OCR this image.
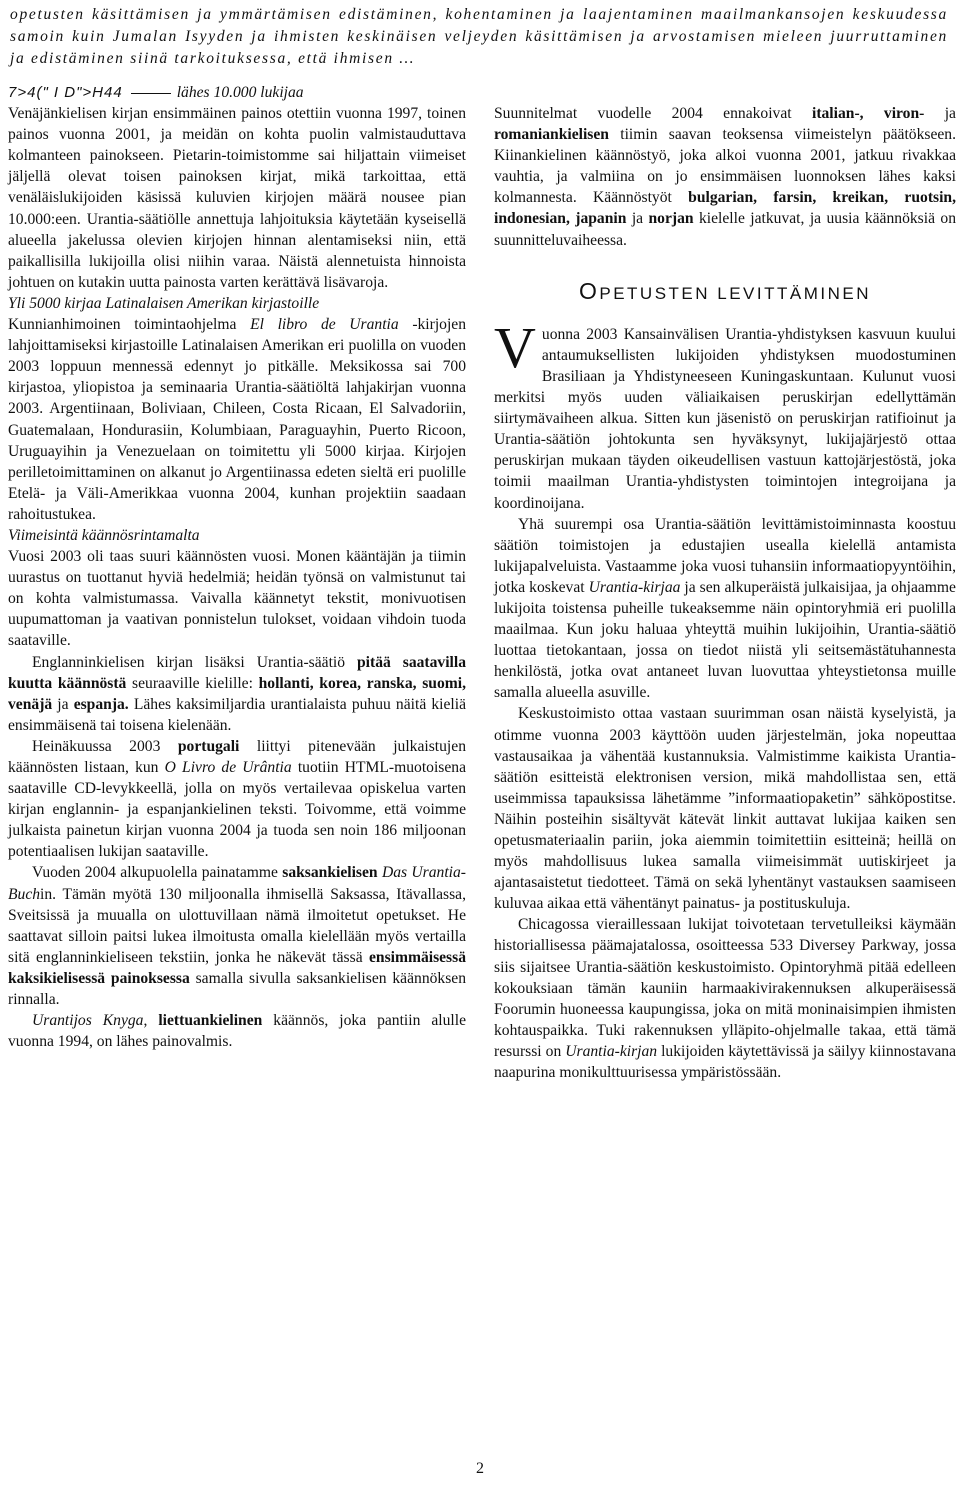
opetusten käsittämisen ja ymmärtämisen edistäminen, kohentaminen ja laajentaminen maailmankansojen keskuudessa samoin kuin Jumalan Isyyden ja ihmisten keskinäisen veljeyden käsittämisen ja arvostamisen mieleen juurruttaminen ja edistäminen siinä tarkoituksessa, että ihmisen …

7>4(" I D">H44	lähes 10.000 lukijaa
Venäjänkielisen kirjan ensimmäinen painos otettiin vuonna 1997, toinen painos vuonna 2001, ja meidän on kohta puolin valmistauduttava kolmanteen painokseen. Pietarin-toimistomme sai hiljattain viimeiset jäljellä olevat toisen painoksen kirjat, mikä tarkoittaa, että venäläislukijoiden käsissä kuluvien kirjojen määrä nousee pian 10.000:een. Urantia-säätiölle annettuja lahjoituksia käytetään kyseisellä alueella jakelussa olevien kirjojen hinnan alentamiseksi niin, että paikallisilla lukijoilla olisi niihin varaa. Näistä alennetuista hinnoista johtuen on kutakin uutta painosta varten kerättävä lisävaroja.

Yli 5000 kirjaa Latinalaisen Amerikan kirjastoille

Kunnianhimoinen toimintaohjelma El libro de Urantia -kirjojen lahjoittamiseksi kirjastoille Latinalaisen Amerikan eri puolilla on vuoden 2003 loppuun mennessä edennyt jo pitkälle. Meksikossa sai 700 kirjastoa, yliopistoa ja seminaaria Urantia-säätiöltä lahjakirjan vuonna 2003. Argentiinaan, Boliviaan, Chileen, Costa Ricaan, El Salvadoriin, Guatemalaan, Hondurasiin, Kolumbiaan, Paraguayhin, Puerto Ricoon, Uruguayihin ja Venezuelaan on toimitettu yli 5000 kirjaa. Kirjojen perilletoimittaminen on alkanut jo Argentiinassa edeten sieltä eri puolille Etelä- ja Väli-Amerikkaa vuonna 2004, kunhan projektiin saadaan rahoitustukea.

Viimeisintä käännösrintamalta

Vuosi 2003 oli taas suuri käännösten vuosi. Monen kääntäjän ja tiimin uurastus on tuottanut hyviä hedelmiä; heidän työnsä on valmistunut tai on kohta valmistumassa. Vaivalla käännetyt tekstit, monivuotisen uupumattoman ja vaativan ponnistelun tulokset, voidaan vihdoin tuoda saataville.

Englanninkielisen kirjan lisäksi Urantia-säätiö pitää saatavilla kuutta käännöstä seuraaville kielille: hollanti, korea, ranska, suomi, venäjä ja espanja. Lähes kaksimiljardia urantialaista puhuu näitä kieliä ensimmäisenä tai toisena kielenään.

Heinäkuussa 2003 portugali liittyi pitenevään julkaistujen käännösten listaan, kun O Livro de Urântia tuotiin HTML-muotoisena saataville CD-levykkeellä, jolla on myös vertailevaa opiskelua varten kirjan englannin- ja espanjankielinen teksti. Toivomme, että voimme julkaista painetun kirjan vuonna 2004 ja tuoda sen noin 186 miljoonan potentiaalisen lukijan saataville.

Vuoden 2004 alkupuolella painatamme saksankielisen Das Urantia-Buchin. Tämän myötä 130 miljoonalla ihmisellä Saksassa, Itävallassa, Sveitsissä ja muualla on ulottuvillaan nämä ilmoitetut opetukset. He saattavat silloin paitsi lukea ilmoitusta omalla kielellään myös vertailla sitä englanninkieliseen tekstiin, jonka he näkevät tässä ensimmäisessä kaksikielisessä painoksessa samalla sivulla saksankielisen käännöksen rinnalla.

Urantijos Knyga, liettuankielinen käännös, joka pantiin alulle vuonna 1994, on lähes painovalmis.

Suunnitelmat vuodelle 2004 ennakoivat italian-, viron- ja romaniankielisen tiimin saavan teoksensa viimeistelyn päätökseen. Kiinankielinen käännöstyö, joka alkoi vuonna 2001, jatkuu rivakkaa vauhtia, ja valmiina on jo ensimmäisen luonnoksen lähes kaksi kolmannesta. Käännöstyöt bulgarian, farsin, kreikan, ruotsin, indonesian, japanin ja norjan kielelle jatkuvat, ja uusia käännöksiä on suunnitteluvaiheessa.

OPETUSTEN LEVITTÄMINEN

Vuonna 2003 Kansainvälisen Urantia-yhdistyksen kasvuun kuului antaumuksellisten lukijoiden yhdistyksen muodostuminen Brasiliaan ja Yhdistyneeseen Kuningaskuntaan. Kulunut vuosi merkitsi myös uuden väliaikaisen peruskirjan edellyttämän siirtymävaiheen alkua. Sitten kun jäsenistö on peruskirjan ratifioinut ja Urantia-säätiön johtokunta sen hyväksynyt, lukijajärjestö ottaa peruskirjan mukaan täyden oikeudellisen vastuun kattojärjestöstä, joka toimii maailman Urantia-yhdistysten toimintojen integroijana ja koordinoijana.

Yhä suurempi osa Urantia-säätiön levittämistoiminnasta koostuu säätiön toimistojen ja edustajien usealla kielellä antamista lukijapalveluista. Vastaamme joka vuosi tuhansiin informaatiopyyntöihin, jotka koskevat Urantia-kirjaa ja sen alkuperäistä julkaisijaa, ja ohjaamme lukijoita toistensa puheille tukeaksemme näin opintoryhmiä eri puolilla maailmaa. Kun joku haluaa yhteyttä muihin lukijoihin, Urantia-säätiö luottaa tietokantaan, jossa on tiedot niistä yli seitsemästätuhannesta henkilöstä, jotka ovat antaneet luvan luovuttaa yhteystietonsa muille samalla alueella asuville.

Keskustoimisto ottaa vastaan suurimman osan näistä kyselyistä, ja otimme vuonna 2003 käyttöön uuden järjestelmän, joka nopeuttaa vastausaikaa ja vähentää kustannuksia. Valmistimme kaikista Urantia-säätiön esitteistä elektronisen version, mikä mahdollistaa sen, että useimmissa tapauksissa lähetämme ”informaatiopaketin” sähköpostitse. Näihin posteihin sisältyvät kätevät linkit auttavat lukijaa kaiken sen opetusmateriaalin pariin, joka aiemmin toimitettiin esitteinä; heillä on myös mahdollisuus lukea samalla viimeisimmät uutiskirjeet ja ajantasaistetut tiedotteet. Tämä on sekä lyhentänyt vastauksen saamiseen kuluvaa aikaa että vähentänyt painatus- ja postituskuluja.

Chicagossa vieraillessaan lukijat toivotetaan tervetulleiksi käymään historiallisessa päämajatalossa, osoitteessa 533 Diversey Parkway, jossa siis sijaitsee Urantia-säätiön keskustoimisto. Opintoryhmä pitää edelleen kokouksiaan tämän kauniin harmaakivirakennuksen alkuperäisessä Foorumin huoneessa kaupungissa, joka on mitä moninaisimpien ihmisten kohtauspaikka. Tuki rakennuksen ylläpito-ohjelmalle takaa, että tämä resurssi on Urantia-kirjan lukijoiden käytettävissä ja säilyy kiinnostavana naapurina monikulttuurisessa ympäristössään.

2
